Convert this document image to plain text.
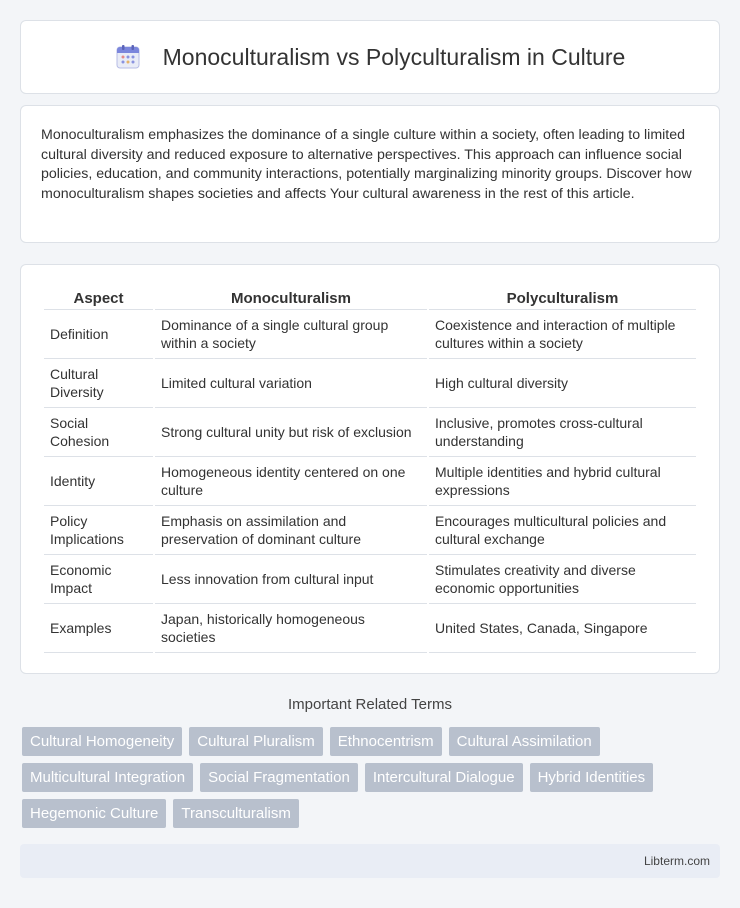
Monoculturalism vs Polyculturalism in Culture

Monoculturalism emphasizes the dominance of a single culture within a society, often leading to limited cultural diversity and reduced exposure to alternative perspectives. This approach can influence social policies, education, and community interactions, potentially marginalizing minority groups. Discover how monoculturalism shapes societies and affects Your cultural awareness in the rest of this article.

Aspect	Monoculturalism	Polyculturalism
Definition	Dominance of a single cultural group within a society	Coexistence and interaction of multiple cultures within a society
Cultural Diversity	Limited cultural variation	High cultural diversity
Social Cohesion	Strong cultural unity but risk of exclusion	Inclusive, promotes cross-cultural understanding
Identity	Homogeneous identity centered on one culture	Multiple identities and hybrid cultural expressions
Policy Implications	Emphasis on assimilation and preservation of dominant culture	Encourages multicultural policies and cultural exchange
Economic Impact	Less innovation from cultural input	Stimulates creativity and diverse economic opportunities
Examples	Japan, historically homogeneous societies	United States, Canada, Singapore
Important Related Terms
Cultural Homogeneity	Cultural Pluralism	Ethnocentrism	Cultural Assimilation
Multicultural Integration	Social Fragmentation	Intercultural Dialogue	Hybrid Identities
Hegemonic Culture	Transculturalism
Libterm.com
